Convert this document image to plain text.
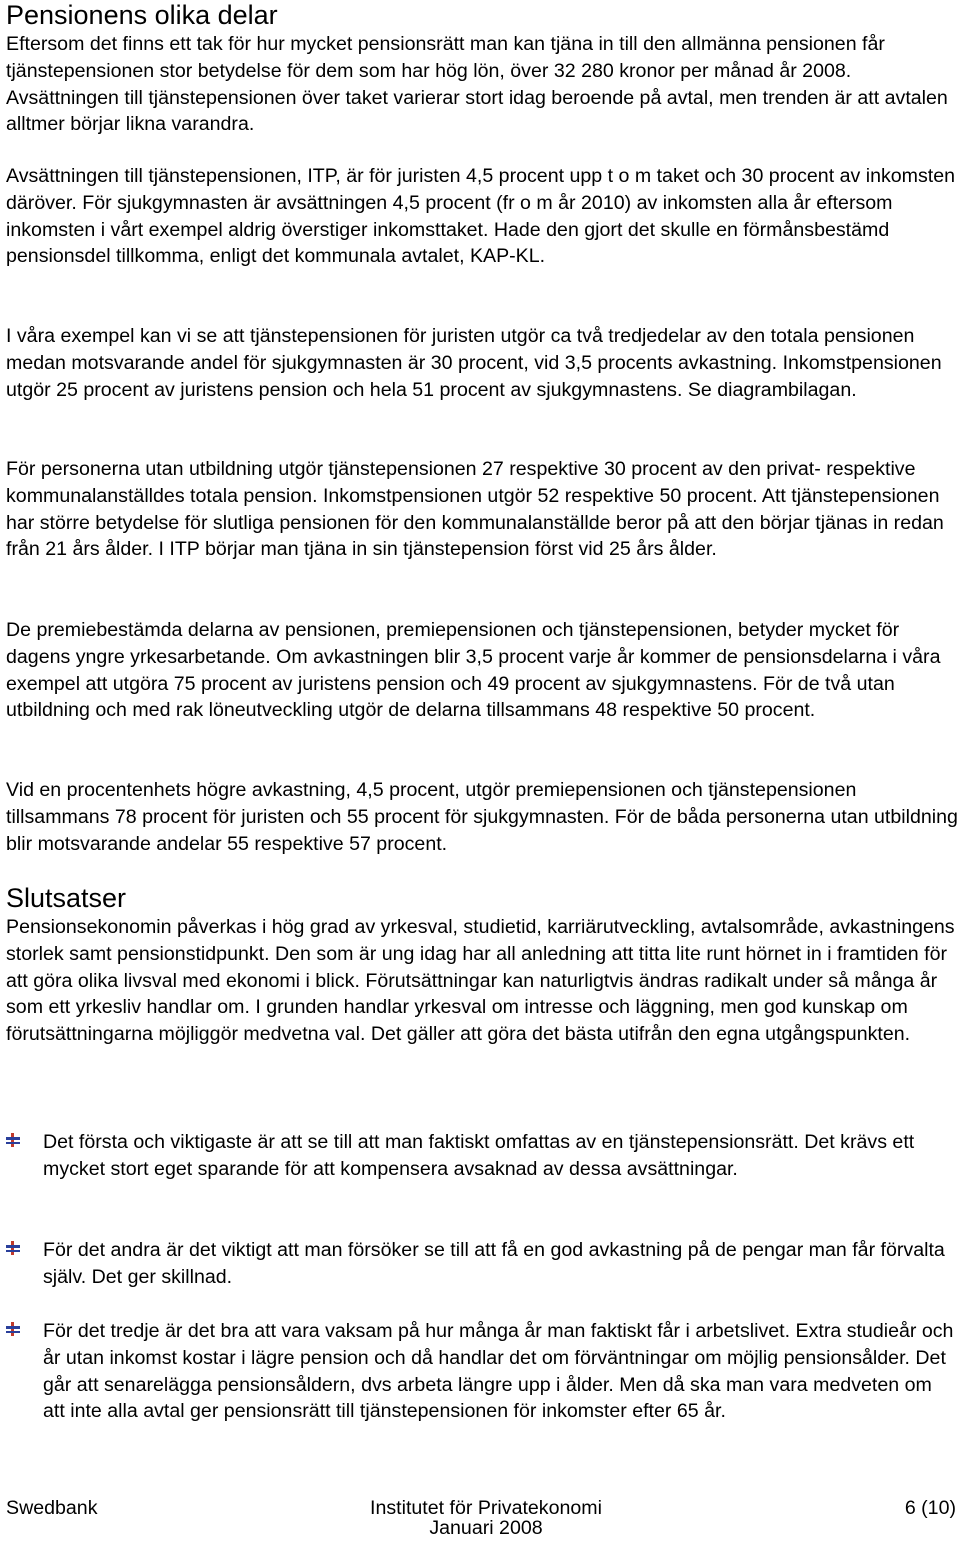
Pensionens olika delar

Eftersom det finns ett tak för hur mycket pensionsrätt man kan tjäna in till den allmänna pensionen får tjänstepensionen stor betydelse för dem som har hög lön, över 32 280 kronor per månad år 2008. Avsättningen till tjänstepensionen över taket varierar stort idag beroende på avtal, men trenden är att avtalen alltmer börjar likna varandra.

Avsättningen till tjänstepensionen, ITP, är för juristen 4,5 procent upp t o m taket och 30 procent av inkomsten däröver. För sjukgymnasten är avsättningen 4,5 procent (fr o m år 2010) av inkomsten alla år eftersom inkomsten i vårt exempel aldrig överstiger inkomsttaket. Hade den gjort det skulle en förmånsbestämd pensionsdel tillkomma, enligt det kommunala avtalet, KAP-KL.

I våra exempel kan vi se att tjänstepensionen för juristen utgör ca två tredjedelar av den totala pensionen medan motsvarande andel för sjukgymnasten är 30 procent, vid 3,5 procents avkastning. Inkomstpensionen utgör 25 procent av juristens pension och hela 51 procent av sjukgymnastens. Se diagrambilagan.

För personerna utan utbildning utgör tjänstepensionen 27 respektive 30 procent av den privat- respektive kommunalanställdes totala pension. Inkomstpensionen utgör 52 respektive 50 procent. Att tjänstepensionen har större betydelse för slutliga pensionen för den kommunalanställde beror på att den börjar tjänas in redan från 21 års ålder. I ITP börjar man tjäna in sin tjänstepension först vid 25 års ålder.

De premiebestämda delarna av pensionen, premiepensionen och tjänstepensionen, betyder mycket för dagens yngre yrkesarbetande. Om avkastningen blir 3,5 procent varje år kommer de pensionsdelarna i våra exempel att utgöra 75 procent av juristens pension och 49 procent av sjukgymnastens. För de två utan utbildning och med rak löneutveckling utgör de delarna tillsammans 48 respektive 50 procent.

Vid en procentenhets högre avkastning, 4,5 procent, utgör premiepensionen och tjänstepensionen tillsammans 78 procent för juristen och 55 procent för sjukgymnasten. För de båda personerna utan utbildning blir motsvarande andelar 55 respektive 57 procent.

Slutsatser

Pensionsekonomin påverkas i hög grad av yrkesval, studietid, karriärutveckling, avtalsområde, avkastningens storlek samt pensionstidpunkt. Den som är ung idag har all anledning att titta lite runt hörnet in i framtiden för att göra olika livsval med ekonomi i blick. Förutsättningar kan naturligtvis ändras radikalt under så många år som ett yrkesliv handlar om. I grunden handlar yrkesval om intresse och läggning, men god kunskap om förutsättningarna möjliggör medvetna val. Det gäller att göra det bästa utifrån den egna utgångspunkten.

Det första och viktigaste är att se till att man faktiskt omfattas av en tjänstepensionsrätt. Det krävs ett mycket stort eget sparande för att kompensera avsaknad av dessa avsättningar.
För det andra är det viktigt att man försöker se till att få en god avkastning på de pengar man får förvalta själv. Det ger skillnad.
För det tredje är det bra att vara vaksam på hur många år man faktiskt får i arbetslivet. Extra studieår och år utan inkomst kostar i lägre pension och då handlar det om förväntningar om möjlig pensionsålder. Det går att senarelägga pensionsåldern, dvs arbeta längre upp i ålder. Men då ska man vara medveten om att inte alla avtal ger pensionsrätt till tjänstepensionen för inkomster efter 65 år.
Swedbank	Institutet för Privatekonomi
Januari 2008
6 (10)
